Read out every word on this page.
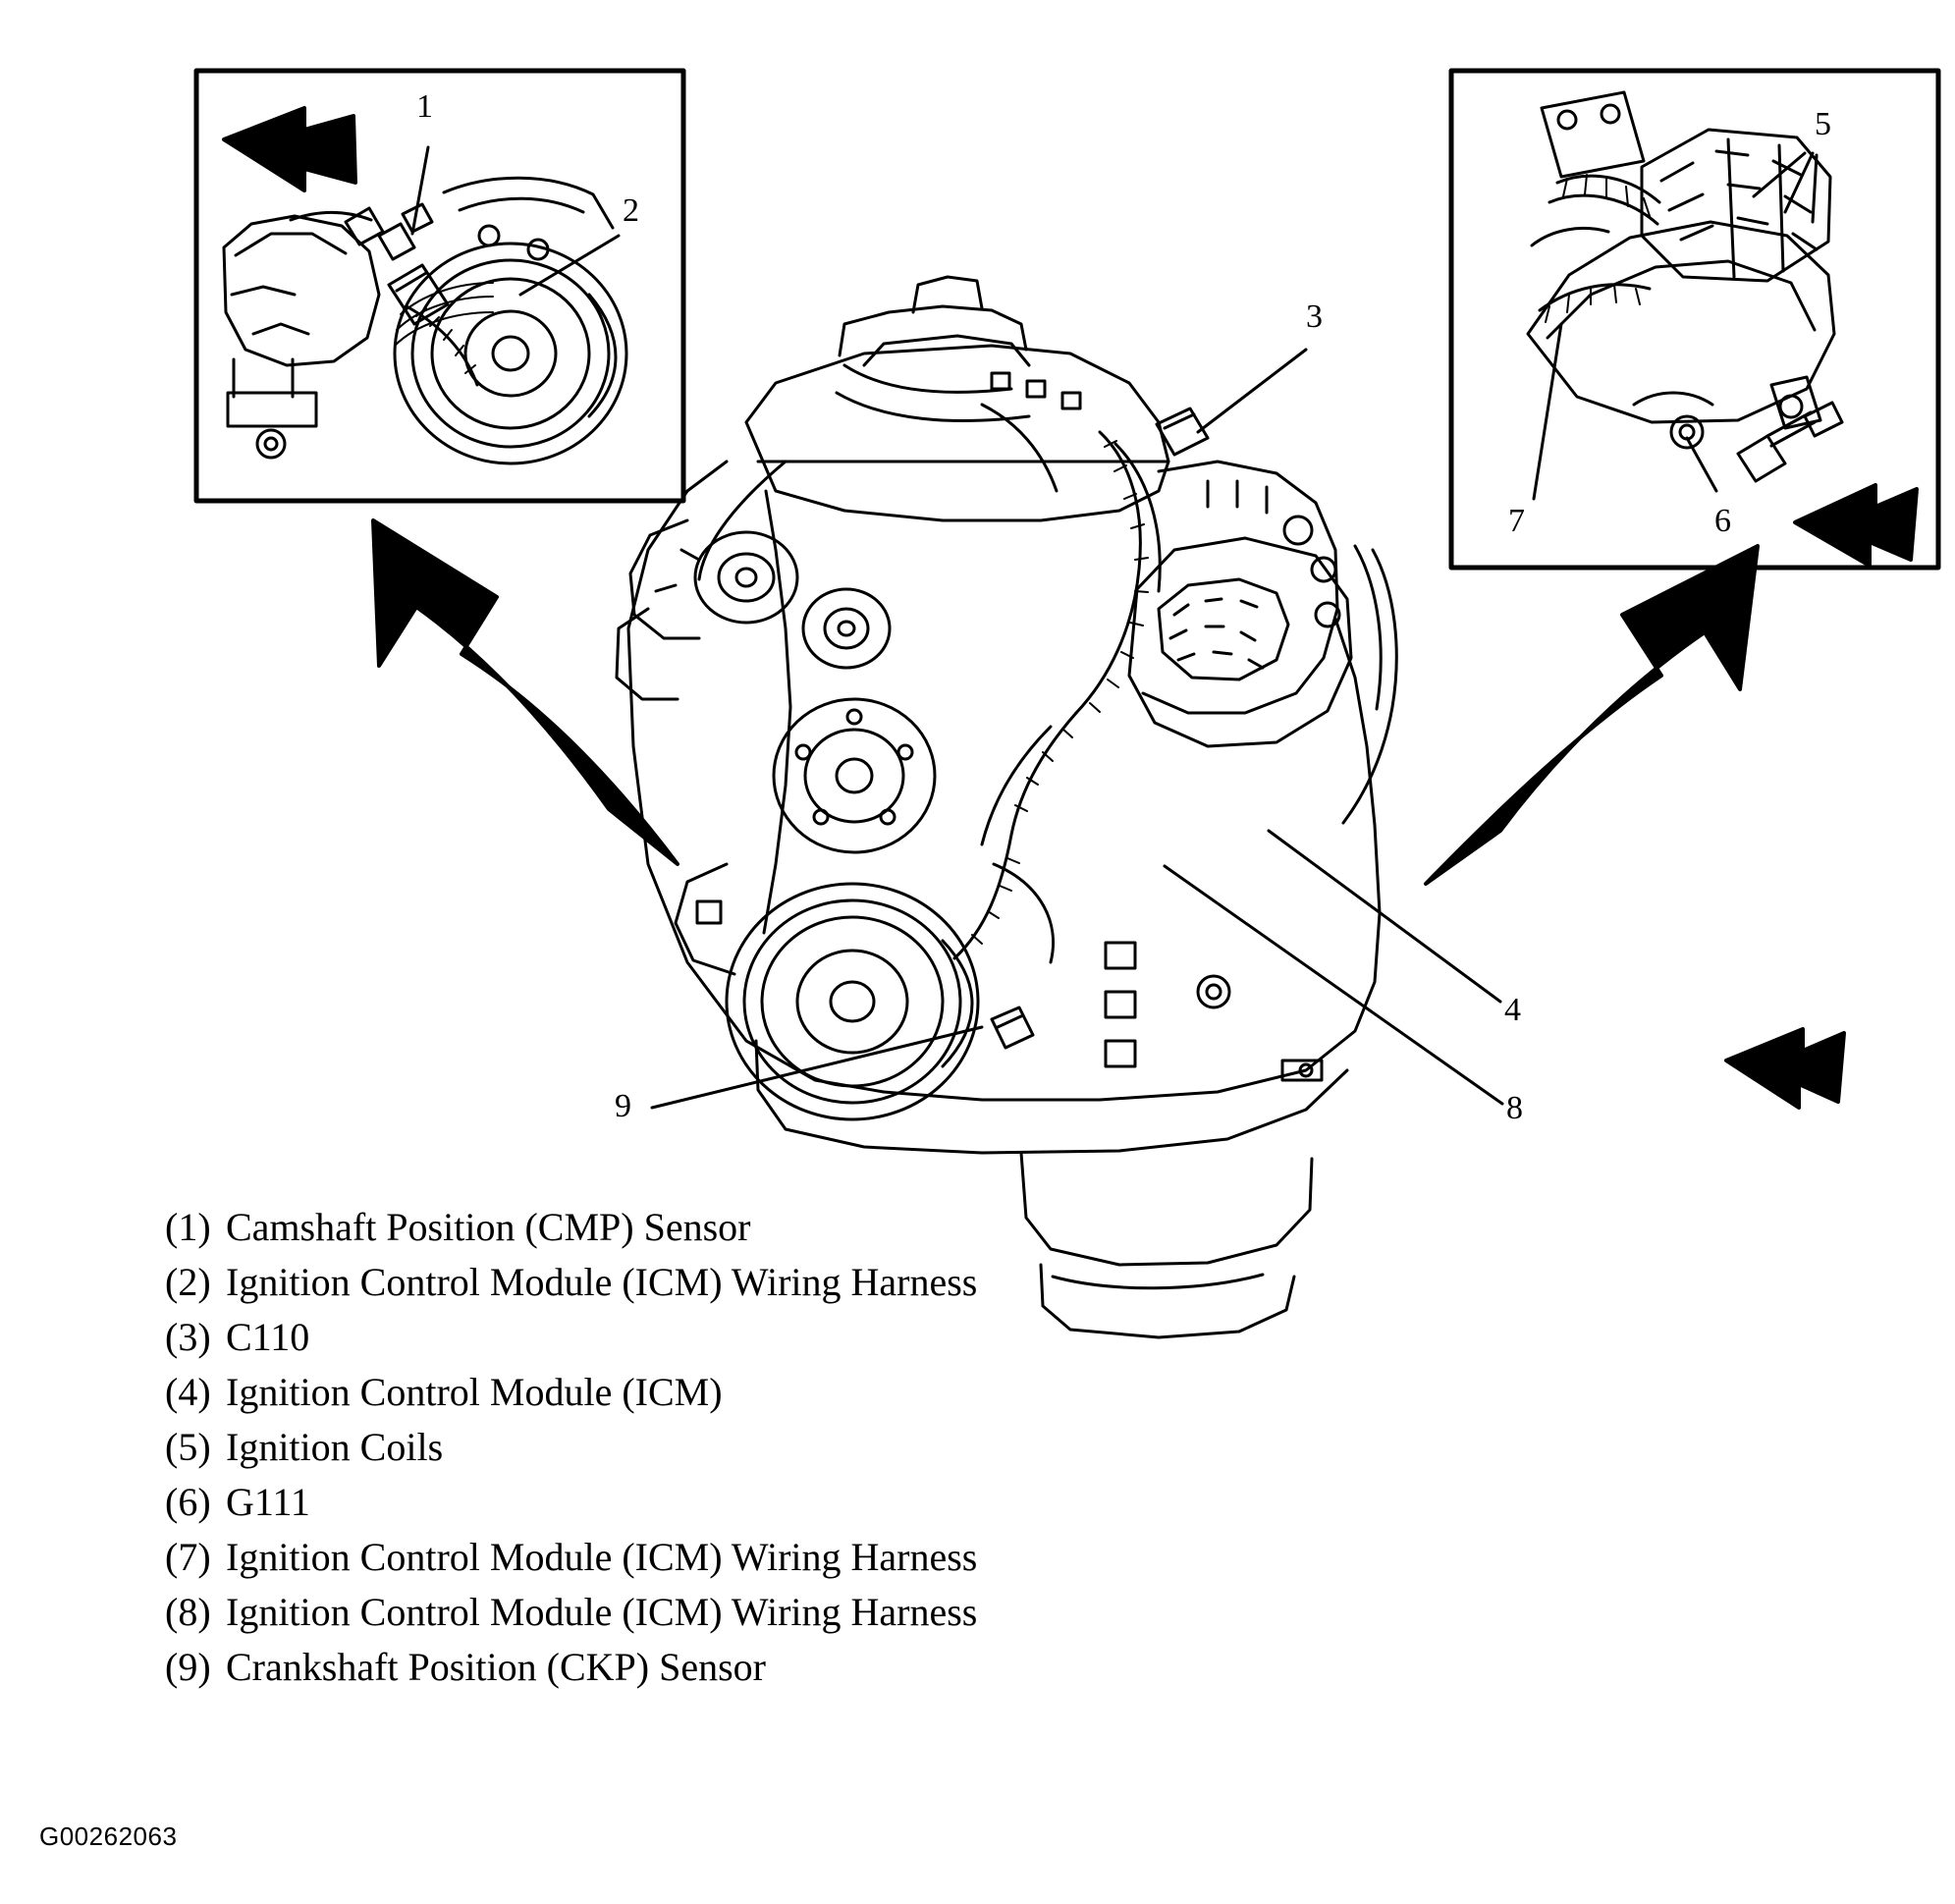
1
2
3
4
5
6
7
8
9
(1) Camshaft Position (CMP) Sensor
(2) Ignition Control Module (ICM) Wiring Harness
(3) C110
(4) Ignition Control Module (ICM)
(5) Ignition Coils
(6) G111
(7) Ignition Control Module (ICM) Wiring Harness
(8) Ignition Control Module (ICM) Wiring Harness
(9) Crankshaft Position (CKP) Sensor
G00262063
